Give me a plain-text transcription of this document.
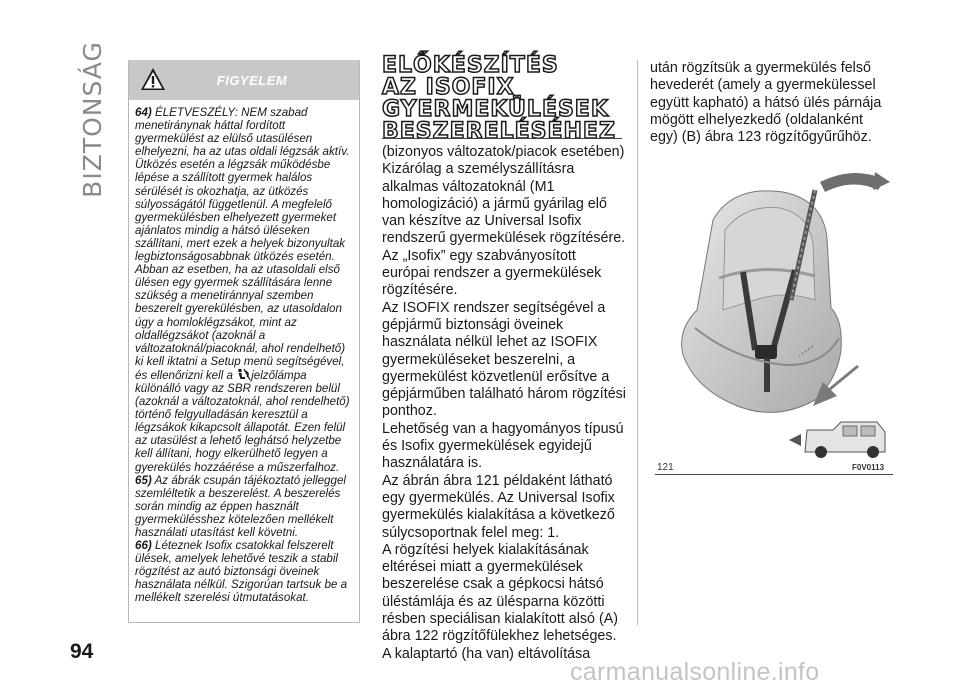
BIZTONSÁG	FIGYELEM

64) ÉLETVESZÉLY: NEM szabad menetiránynak háttal fordított gyermekülést az elülső utasülésen elhelyezni, ha az utas oldali légzsák aktív. Ütközés esetén a légzsák működésbe lépése a szállított gyermek halálos sérülését is okozhatja, az ütközés súlyosságától függetlenül. A megfelelő gyermekülésben elhelyezett gyermeket ajánlatos mindig a hátsó üléseken szállítani, mert ezek a helyek bizonyultak legbiztonságosabbnak ütközés esetén. Abban az esetben, ha az utasoldali első ülésen egy gyermek szállítására lenne szükség a menetiránnyal szemben beszerelt gyerekülésben, az utasoldalon úgy a homloklégzsákot, mint az oldallégzsákot (azoknál a változatoknál/piacoknál, ahol rendelhető) ki kell iktatni a Setup menü segítségével, és ellenőrizni kell a jelzőlámpa különálló vagy az SBR rendszeren belül (azoknál a változatoknál, ahol rendelhető) történő felgyulladásán keresztül a légzsákok kikapcsolt állapotát. Ezen felül az utasülést a lehető leghátsó helyzetbe kell állítani, hogy elkerülhető legyen a gyerekülés hozzáérése a műszerfalhoz.

65) Az ábrák csupán tájékoztató jelleggel szemléltetik a beszerelést. A beszerelés során mindig az éppen használt gyermekülésshez kötelezően mellékelt használati utasítást kell követni.

66) Léteznek Isofix csatokkal felszerelt ülések, amelyek lehetővé teszik a stabil rögzítést az autó biztonsági öveinek használata nélkül. Szigorúan tartsuk be a mellékelt szerelési útmutatásokat.

ELŐKÉSZÍTÉS
AZ ISOFIX
GYERMEKÜLÉSEK
BESZERELÉSÉHEZ

(bizonyos változatok/piacok esetében) Kizárólag a személyszállításra alkalmas változatoknál (M1 homologizáció) a jármű gyárilag elő van készítve az Universal Isofix rendszerű gyermekülések rögzítésére. Az „Isofix” egy szabványosított európai rendszer a gyermekülések rögzítésére.

Az ISOFIX rendszer segítségével a gépjármű biztonsági öveinek használata nélkül lehet az ISOFIX gyermeküléseket beszerelni, a gyermekülést közvetlenül erősítve a gépjárműben található három rögzítési ponthoz.

Lehetőség van a hagyományos típusú és Isofix gyermekülések egyidejű használatára is.

Az ábrán ábra 121 példaként látható egy gyermekülés. Az Universal Isofix gyermekülés kialakítása a következő súlycsoportnak felel meg: 1.

A rögzítési helyek kialakításának eltérései miatt a gyermekülések beszerelése csak a gépkocsi hátsó üléstámlája és az ülésparna közötti résben speciálisan kialakított alsó (A) ábra 122 rögzítőfülekhez lehetséges. A kalaptartó (ha van) eltávolítása

után rögzítsük a gyermekülés felső hevederét (amely a gyermekülessel együtt kapható) a hátsó ülés párnája mögött elhelyezkedő (oldalanként egy) (B) ábra 123 rögzítőgyűrűhöz.

121	F0V0113
94
carmanualsonline.info
